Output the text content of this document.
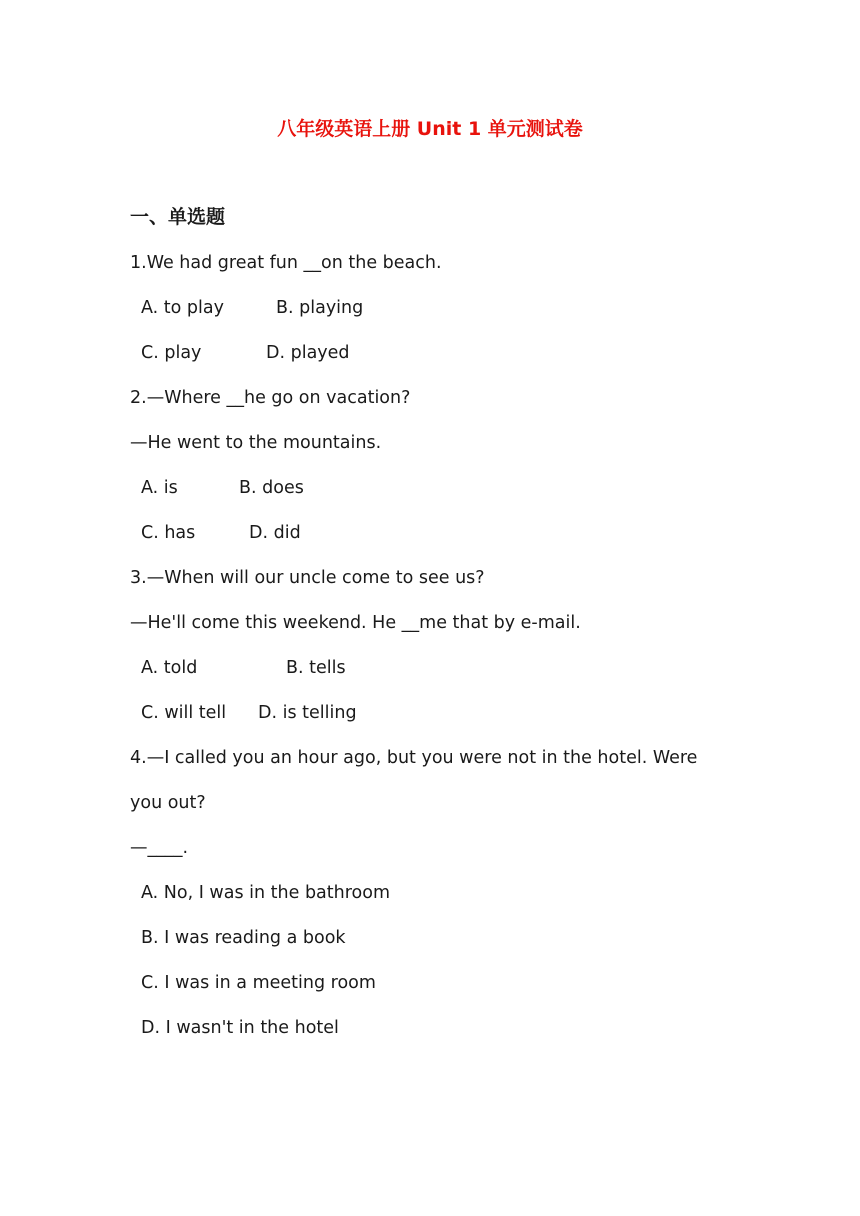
八年级英语上册 Unit 1 单元测试卷
一、单选题
1.We had great fun __on the beach.
A. to play	B. playing
C. play	D. played
2.—Where __he go on vacation?
—He went to the mountains.
A. is	B. does
C. has	D. did
3.—When will our uncle come to see us?
—He'll come this weekend. He __me that by e-mail.
A. told	B. tells
C. will tell D. is telling
4.—I called you an hour ago, but you were not in the hotel. Were
you out?
—____.
A. No, I was in the bathroom
B. I was reading a book
C. I was in a meeting room
D. I wasn't in the hotel
